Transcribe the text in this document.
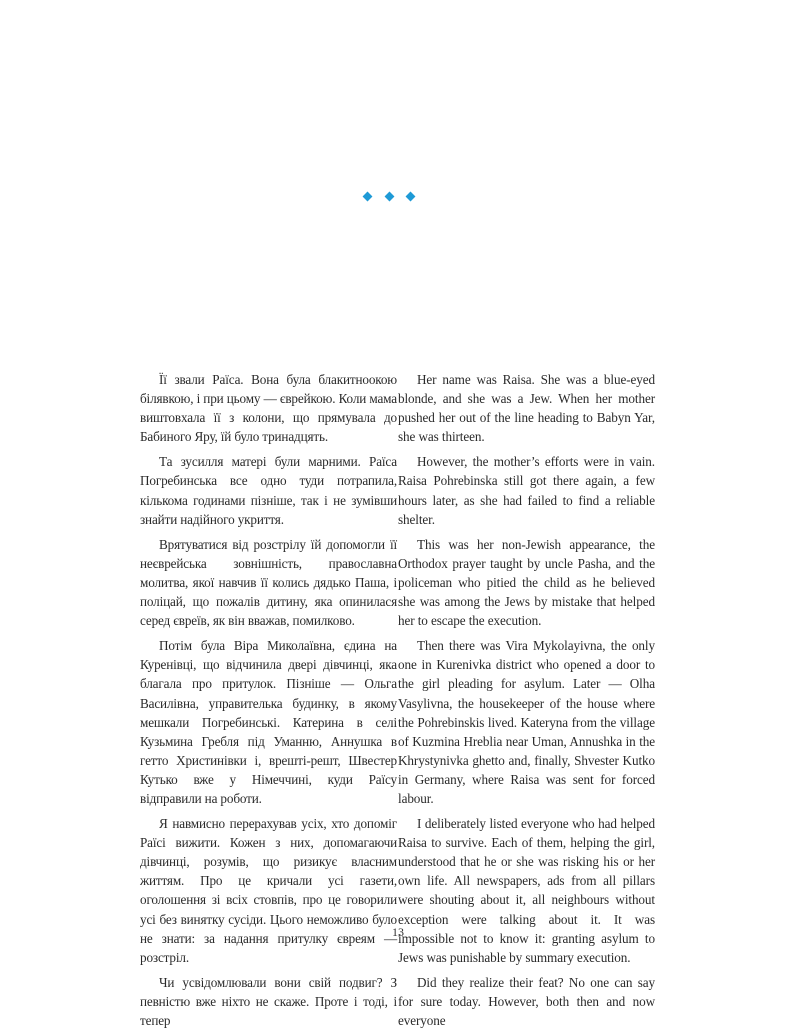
Її звали Раїса. Вона була блакитноокою білявкою, і при цьому — єврейкою. Коли мама виштовхала її з колони, що прямувала до Бабиного Яру, їй було тринадцять.

Та зусилля матері були марними. Раїса Погребинська все одно туди потрапила, кількома годинами пізніше, так і не зумівши знайти надійного укриття.

Врятуватися від розстрілу їй допомогли її неєврейська зовнішність, православна молитва, якої навчив її колись дядько Паша, і поліцай, що пожалів дитину, яка опинилася серед євреїв, як він вважав, помилково.

Потім була Віра Миколаївна, єдина на Куренівці, що відчинила двері дівчинці, яка благала про притулок. Пізніше — Ольга Василівна, управителька будинку, в якому мешкали Погребинські. Катерина в селі Кузьмина Гребля під Уманню, Аннушка в гетто Христинівки і, врешті-решт, Швестер Кутько вже у Німеччині, куди Раїсу відправили на роботи.

Я навмисно перерахував усіх, хто допоміг Раїсі вижити. Кожен з них, допомагаючи дівчинці, розумів, що ризикує власним життям. Про це кричали усі газети, оголошення зі всіх стовпів, про це говорили усі без винятку сусіди. Цього неможливо було не знати: за надання притулку євреям — розстріл.

Чи усвідомлювали вони свій подвиг? З певністю вже ніхто не скаже. Проте і тоді, і тепер

Her name was Raisa. She was a blue-eyed blonde, and she was a Jew. When her mother pushed her out of the line heading to Babyn Yar, she was thirteen.

However, the mother’s efforts were in vain. Raisa Pohrebinska still got there again, a few hours later, as she had failed to find a reliable shelter.

This was her non-Jewish appearance, the Orthodox prayer taught by uncle Pasha, and the policeman who pitied the child as he believed she was among the Jews by mistake that helped her to escape the execution.

Then there was Vira Mykolayivna, the only one in Kurenivka district who opened a door to the girl pleading for asylum. Later — Olha Vasylivna, the housekeeper of the house where the Pohrebinskis lived. Kateryna from the village of Kuzmina Hreblia near Uman, Annushka in the Khrystynivka ghetto and, finally, Shvester Kutko in Germany, where Raisa was sent for forced labour.

I deliberately listed everyone who had helped Raisa to survive. Each of them, helping the girl, understood that he or she was risking his or her own life. All newspapers, ads from all pillars were shouting about it, all neighbours without exception were talking about it. It was impossible not to know it: granting asylum to Jews was punishable by summary execution.

Did they realize their feat? No one can say for sure today. However, both then and now everyone

13
